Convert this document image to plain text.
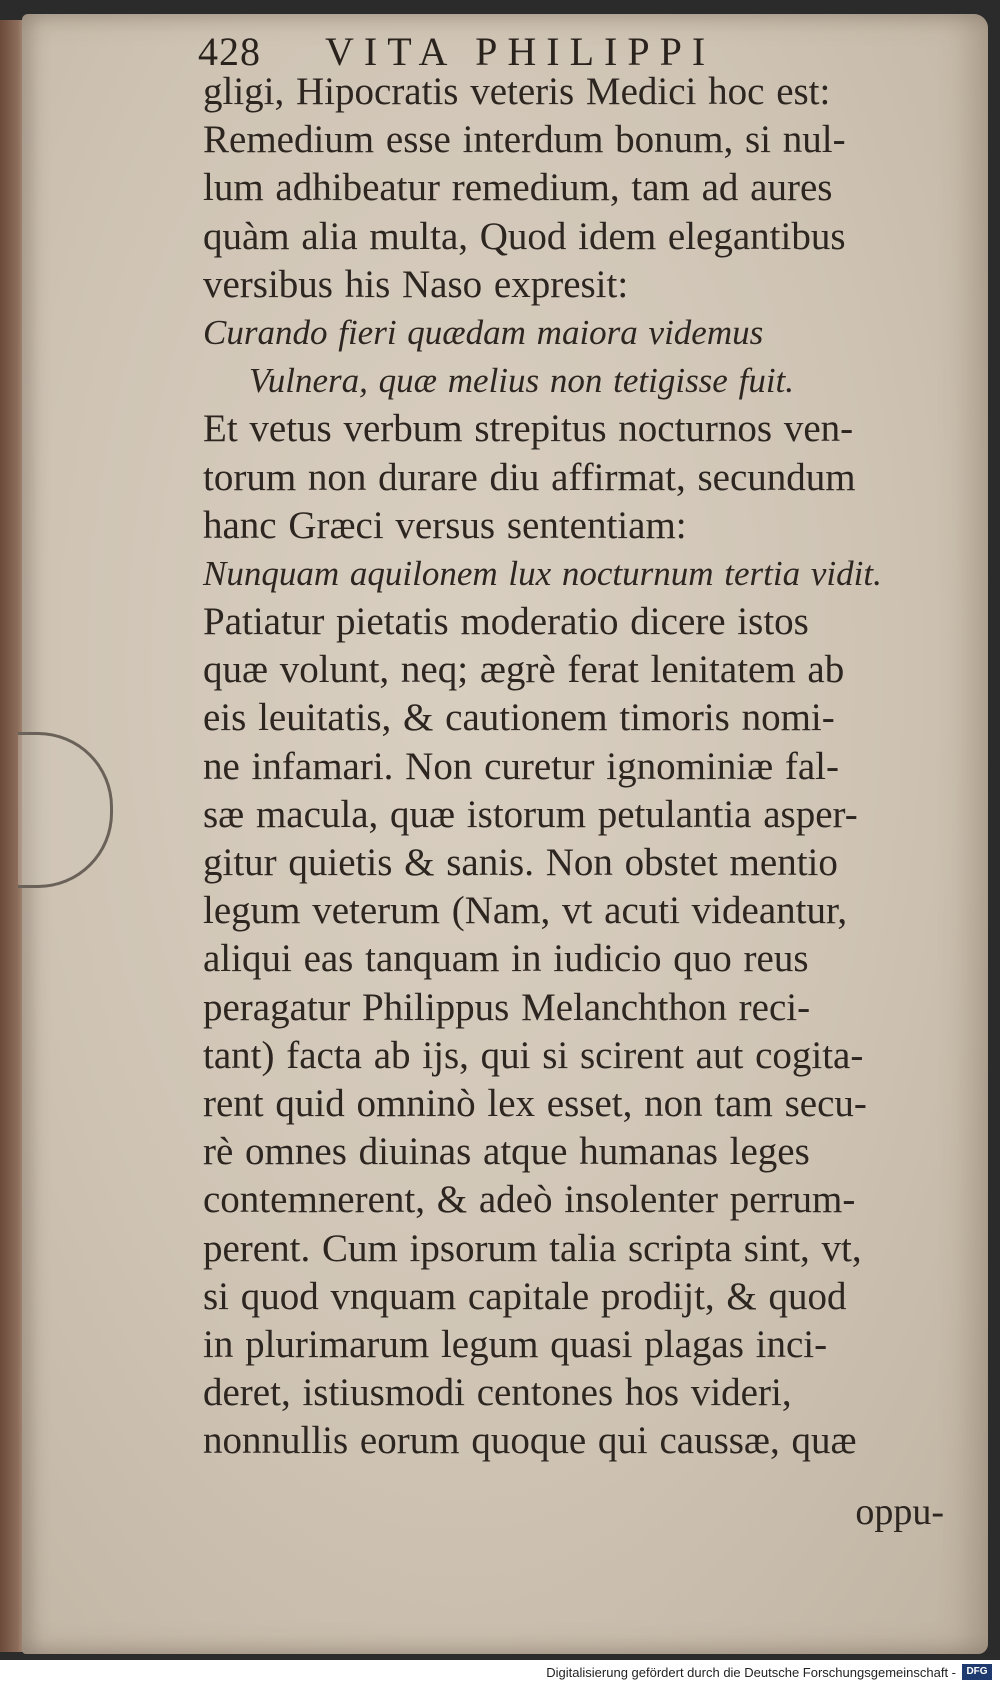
428 VITA PHILIPPI
gligi, Hipocratis veteris Medici hoc est:
Remedium esse interdum bonum, si nul-
lum adhibeatur remedium, tam ad aures
quàm alia multa, Quod idem elegantibus
versibus his Naso expresit:
Curando fieri quædam maiora videmus
Vulnera, quæ melius non tetigisse fuit.
Et vetus verbum strepitus nocturnos ven-
torum non durare diu affirmat, secundum
hanc Græci versus sententiam:
Nunquam aquilonem lux nocturnum tertia vidit.
Patiatur pietatis moderatio dicere istos
quæ volunt, neq; ægrè ferat lenitatem ab
eis leuitatis, & cautionem timoris nomi-
ne infamari. Non curetur ignominiæ fal-
sæ macula, quæ istorum petulantia asper-
gitur quietis & sanis. Non obstet mentio
legum veterum (Nam, vt acuti videantur,
aliqui eas tanquam in iudicio quo reus
peragatur Philippus Melanchthon reci-
tant) facta ab ijs, qui si scirent aut cogita-
rent quid omninò lex esset, non tam secu-
rè omnes diuinas atque humanas leges
contemnerent, & adeò insolenter perrum-
perent. Cum ipsorum talia scripta sint, vt,
si quod vnquam capitale prodijt, & quod
in plurimarum legum quasi plagas inci-
deret, istiusmodi centones hos videri,
nonnullis eorum quoque qui caussæ, quæ
oppu-
Digitalisierung gefördert durch die Deutsche Forschungsgemeinschaft -	DFG
